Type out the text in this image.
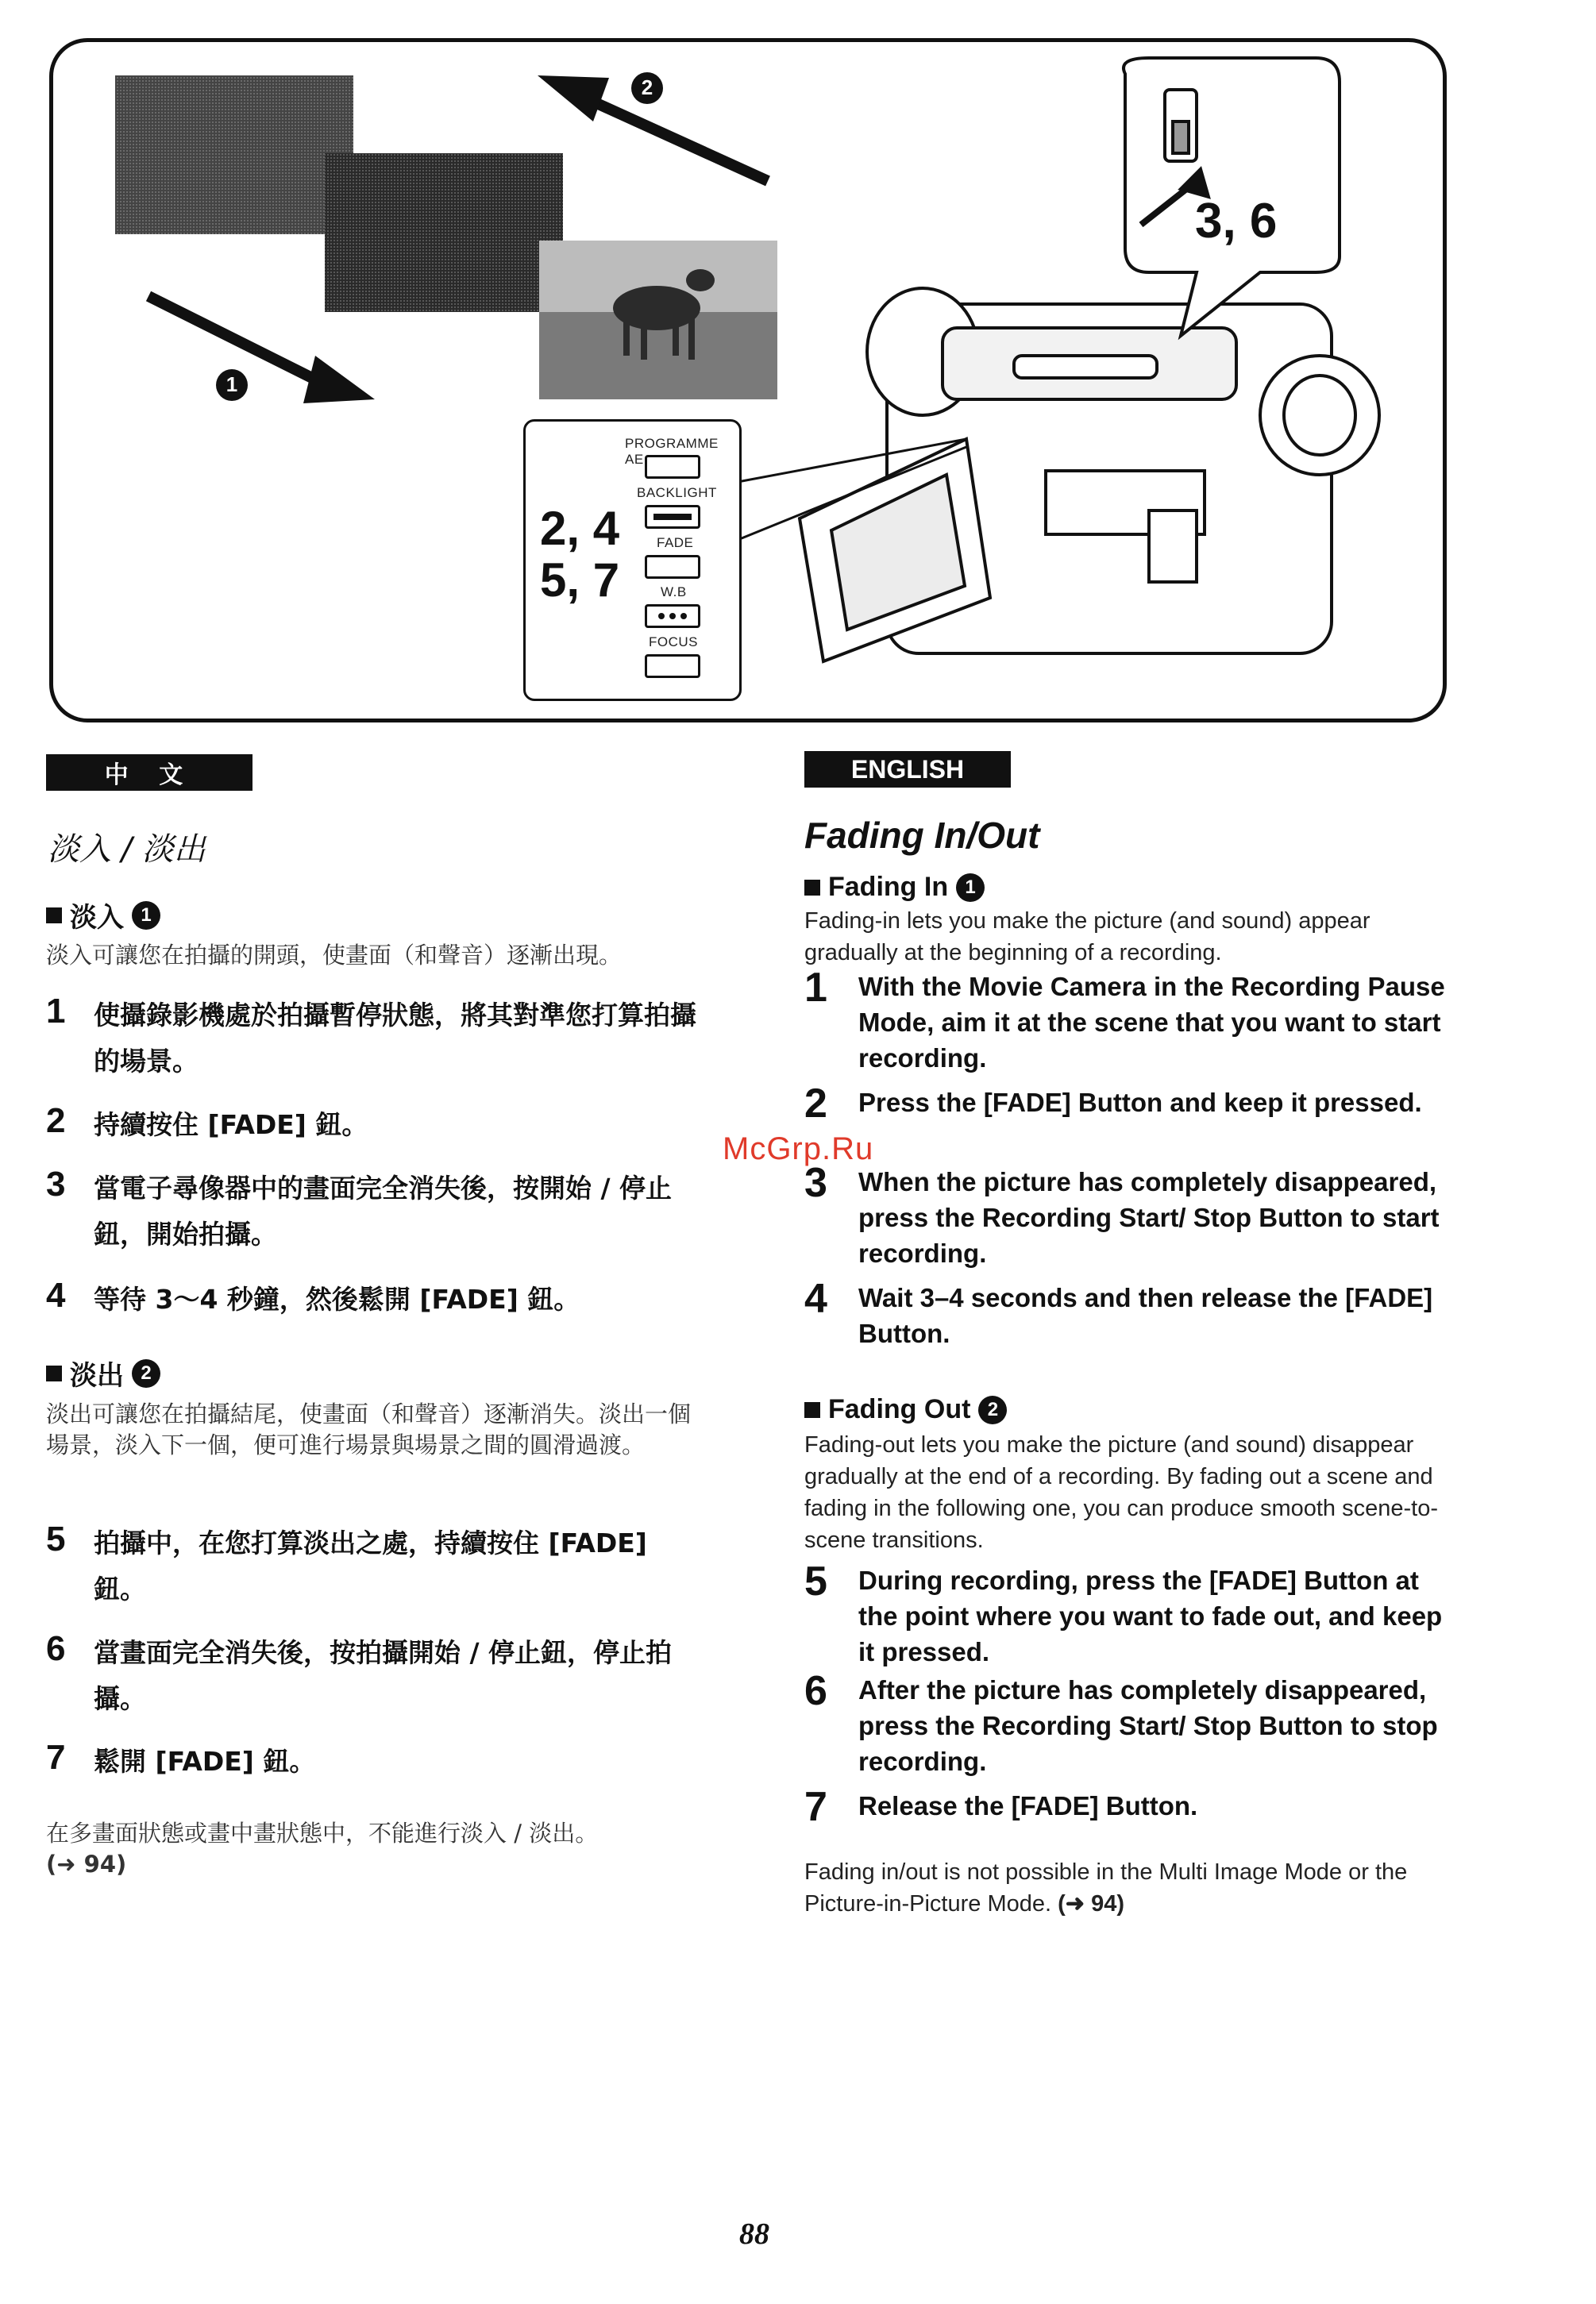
1
2
3, 6
2, 4
5, 7
PROGRAMME AE
BACKLIGHT
FADE
W.B
FOCUS
中 文
淡入 / 淡出
淡入 1
淡入可讓您在拍攝的開頭，使畫面（和聲音）逐漸出現。
1	使攝錄影機處於拍攝暫停狀態，將其對準您打算拍攝的場景。
2	持續按住 [FADE] 鈕。
3	當電子尋像器中的畫面完全消失後，按開始 / 停止鈕，開始拍攝。
4	等待 3～4 秒鐘，然後鬆開 [FADE] 鈕。
淡出 2
淡出可讓您在拍攝結尾，使畫面（和聲音）逐漸消失。淡出一個場景，淡入下一個，便可進行場景與場景之間的圓滑過渡。
5	拍攝中，在您打算淡出之處，持續按住 [FADE] 鈕。
6	當畫面完全消失後，按拍攝開始 / 停止鈕，停止拍攝。
7	鬆開 [FADE] 鈕。
在多畫面狀態或畫中畫狀態中，不能進行淡入 / 淡出。
(➜ 94)
ENGLISH
Fading In/Out
Fading In 1
Fading-in lets you make the picture (and sound) appear gradually at the beginning of a recording.
1	With the Movie Camera in the Recording Pause Mode, aim it at the scene that you want to start recording.
2	Press the [FADE] Button and keep it pressed.
3	When the picture has completely disappeared, press the Recording Start/ Stop Button to start recording.
4	Wait 3–4 seconds and then release the [FADE] Button.
Fading Out 2
Fading-out lets you make the picture (and sound) disappear gradually at the end of a recording. By fading out a scene and fading in the following one, you can produce smooth scene-to-scene transitions.
5	During recording, press the [FADE] Button at the point where you want to fade out, and keep it pressed.
6	After the picture has completely disappeared, press the Recording Start/ Stop Button to stop recording.
7	Release the [FADE] Button.
Fading in/out is not possible in the Multi Image Mode or the Picture-in-Picture Mode. (➜ 94)
McGrp.Ru
88
